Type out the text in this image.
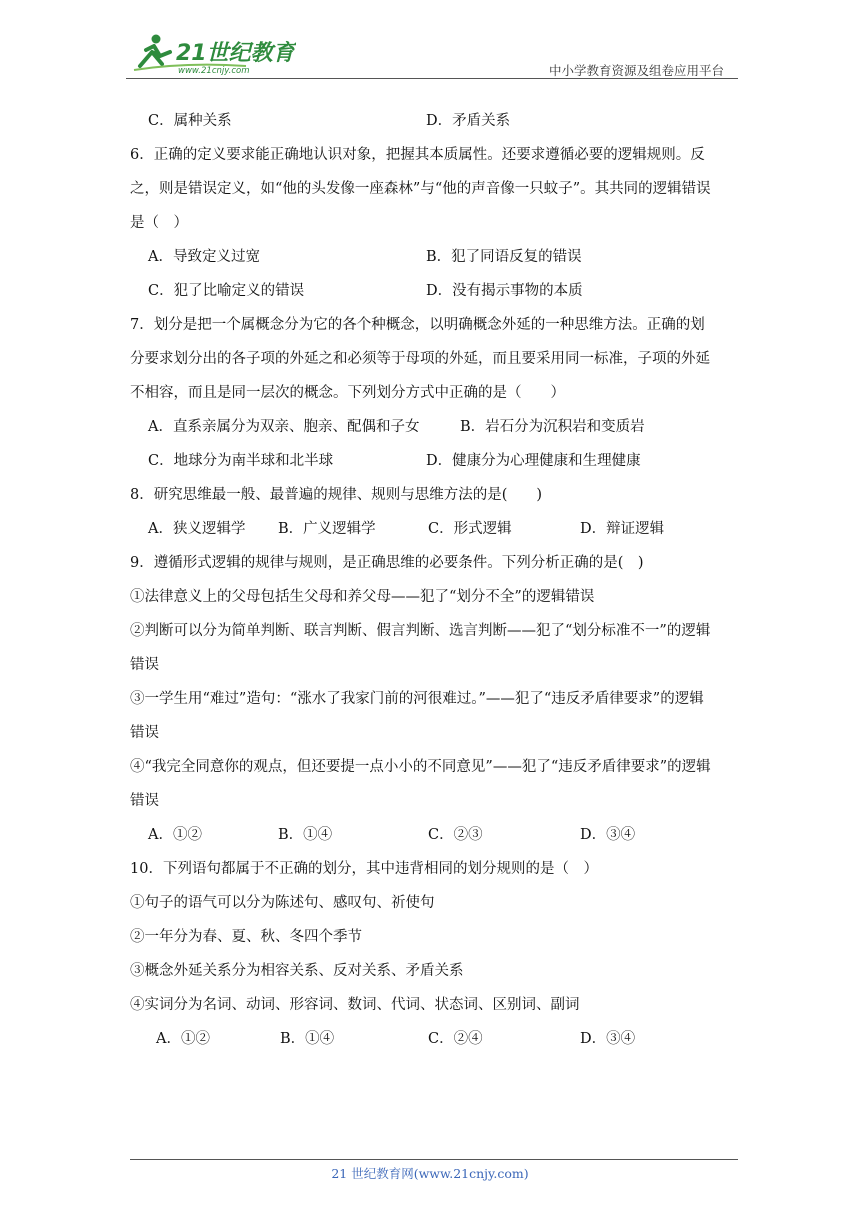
21世纪教育
www.21cnjy.com	中小学教育资源及组卷应用平台
C．属种关系	D．矛盾关系
6．正确的定义要求能正确地认识对象，把握其本质属性。还要求遵循必要的逻辑规则。反
之，则是错误定义，如“他的头发像一座森林”与“他的声音像一只蚊子”。其共同的逻辑错误
是（　）
A．导致定义过宽	B．犯了同语反复的错误
C．犯了比喻定义的错误	D．没有揭示事物的本质
7．划分是把一个属概念分为它的各个种概念，以明确概念外延的一种思维方法。正确的划
分要求划分出的各子项的外延之和必须等于母项的外延，而且要采用同一标准，子项的外延
不相容，而且是同一层次的概念。下列划分方式中正确的是（　　）
A．直系亲属分为双亲、胞亲、配偶和子女	B．岩石分为沉积岩和变质岩
C．地球分为南半球和北半球	D．健康分为心理健康和生理健康
8．研究思维最一般、最普遍的规律、规则与思维方法的是(　　)
A．狭义逻辑学 B．广义逻辑学	C．形式逻辑	D．辩证逻辑
9．遵循形式逻辑的规律与规则，是正确思维的必要条件。下列分析正确的是(　)
①法律意义上的父母包括生父母和养父母——犯了“划分不全”的逻辑错误
②判断可以分为简单判断、联言判断、假言判断、选言判断——犯了“划分标准不一”的逻辑
错误
③一学生用“难过”造句：“涨水了我家门前的河很难过。”——犯了“违反矛盾律要求”的逻辑
错误
④“我完全同意你的观点，但还要提一点小小的不同意见”——犯了“违反矛盾律要求”的逻辑
错误
A．①②	B．①④	C．②③	D．③④
10．下列语句都属于不正确的划分，其中违背相同的划分规则的是（　）
①句子的语气可以分为陈述句、感叹句、祈使句
②一年分为春、夏、秋、冬四个季节
③概念外延关系分为相容关系、反对关系、矛盾关系
④实词分为名词、动词、形容词、数词、代词、状态词、区别词、副词
A．①②	B．①④	C．②④	D．③④
21 世纪教育网(www.21cnjy.com)
